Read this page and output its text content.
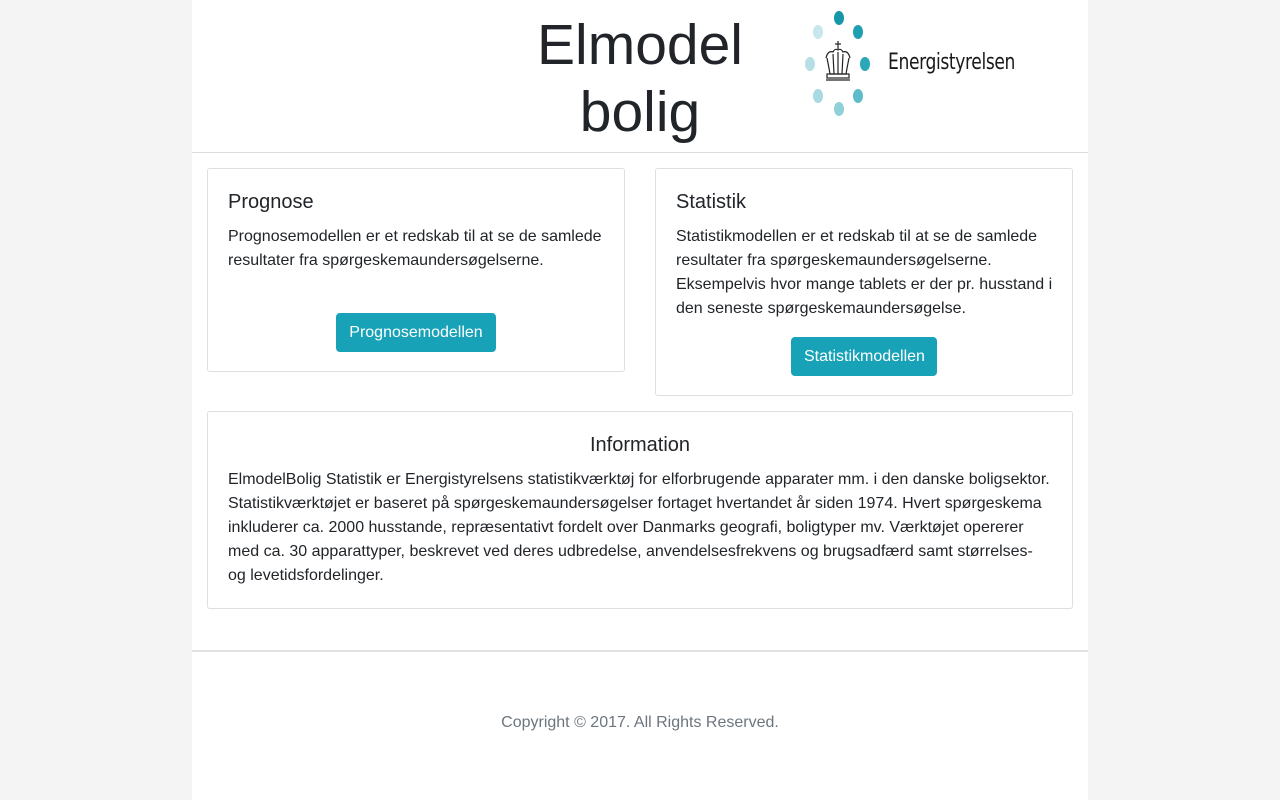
Elmodel
bolig
Energistyrelsen
Prognose

Prognosemodellen er et redskab til at se de samlede resultater fra spørgeskemaundersøgelserne.

Prognosemodellen
Statistik

Statistikmodellen er et redskab til at se de samlede resultater fra spørgeskemaundersøgelserne. Eksempelvis hvor mange tablets er der pr. husstand i den seneste spørgeskemaundersøgelse.

Statistikmodellen
Information

ElmodelBolig Statistik er Energistyrelsens statistikværktøj for elforbrugende apparater mm. i den danske boligsektor. Statistikværktøjet er baseret på spørgeskemaundersøgelser fortaget hvertandet år siden 1974. Hvert spørgeskema inkluderer ca. 2000 husstande, repræsentativt fordelt over Danmarks geografi, boligtyper mv. Værktøjet opererer med ca. 30 apparattyper, beskrevet ved deres udbredelse, anvendelsesfrekvens og brugsadfærd samt størrelses- og levetidsfordelinger.

Copyright © 2017. All Rights Reserved.
